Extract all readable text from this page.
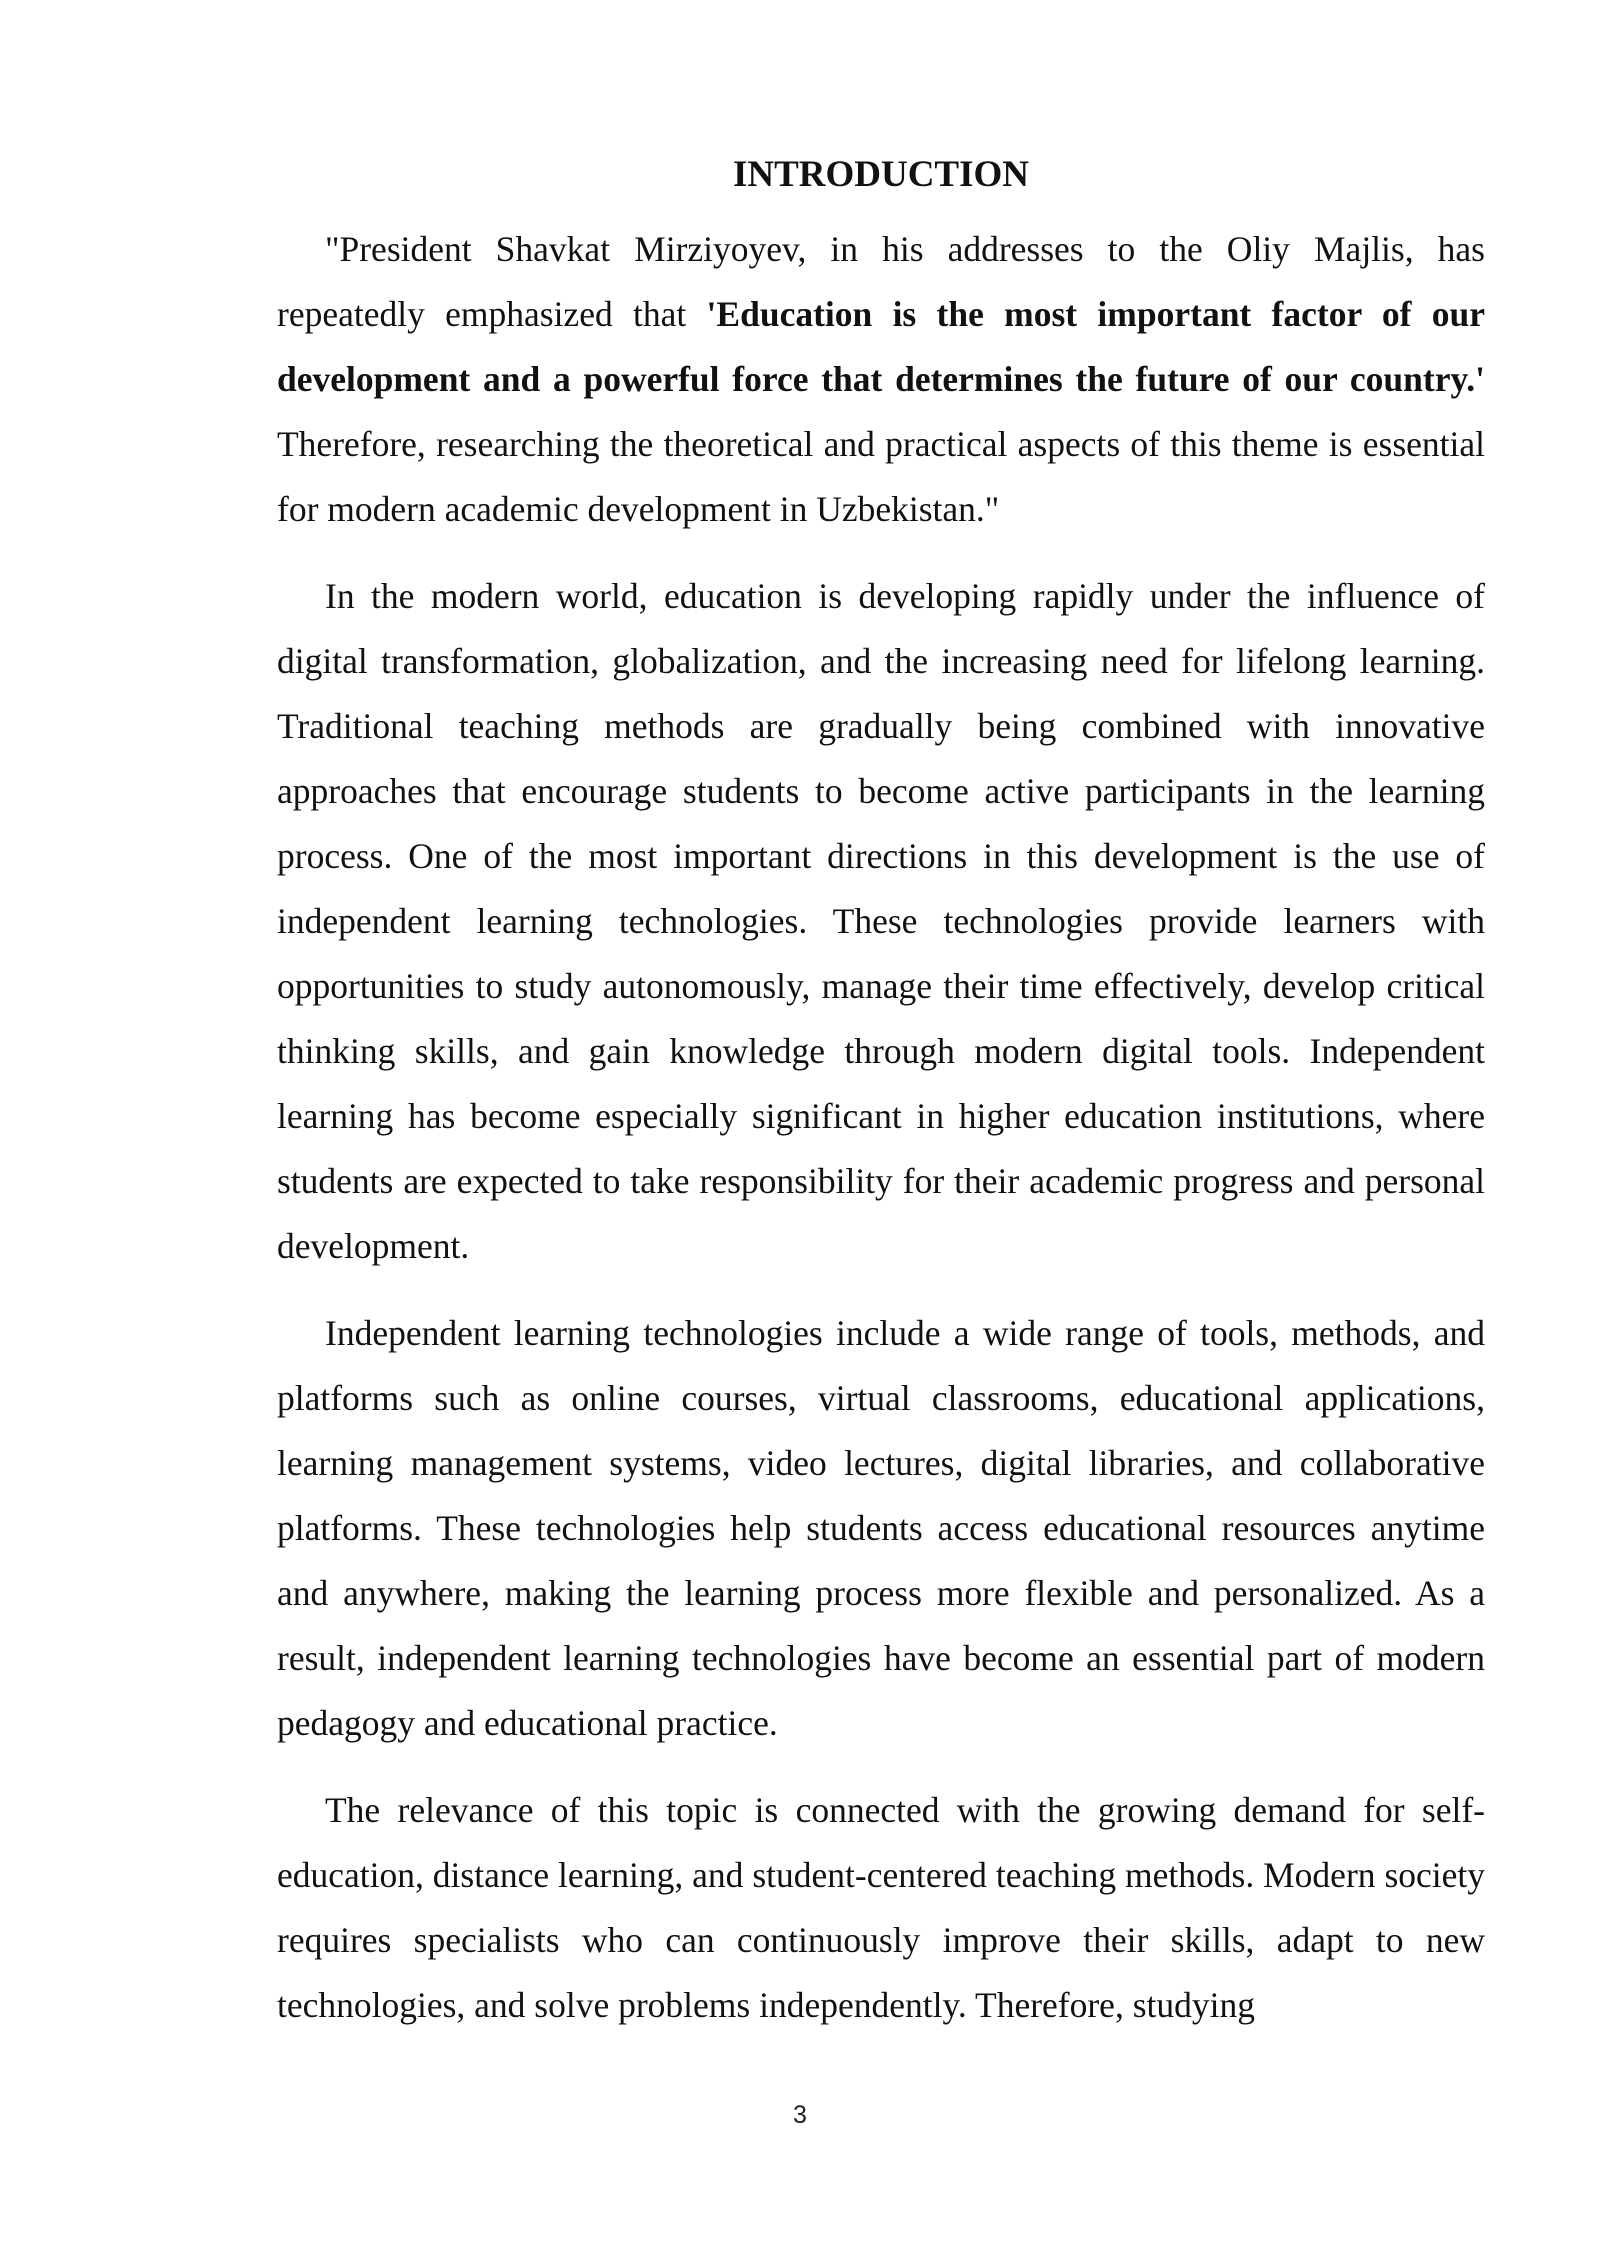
INTRODUCTION

"President Shavkat Mirziyoyev, in his addresses to the Oliy Majlis, has repeatedly emphasized that 'Education is the most important factor of our development and a powerful force that determines the future of our country.' Therefore, researching the theoretical and practical aspects of this theme is essential for modern academic development in Uzbekistan."

In the modern world, education is developing rapidly under the influence of digital transformation, globalization, and the increasing need for lifelong learning. Traditional teaching methods are gradually being combined with innovative approaches that encourage students to become active participants in the learning process. One of the most important directions in this development is the use of independent learning technologies. These technologies provide learners with opportunities to study autonomously, manage their time effectively, develop critical thinking skills, and gain knowledge through modern digital tools. Independent learning has become especially significant in higher education institutions, where students are expected to take responsibility for their academic progress and personal development.

Independent learning technologies include a wide range of tools, methods, and platforms such as online courses, virtual classrooms, educational applications, learning management systems, video lectures, digital libraries, and collaborative platforms. These technologies help students access educational resources anytime and anywhere, making the learning process more flexible and personalized. As a result, independent learning technologies have become an essential part of modern pedagogy and educational practice.

The relevance of this topic is connected with the growing demand for self-education, distance learning, and student-centered teaching methods. Modern society requires specialists who can continuously improve their skills, adapt to new technologies, and solve problems independently. Therefore, studying

3
